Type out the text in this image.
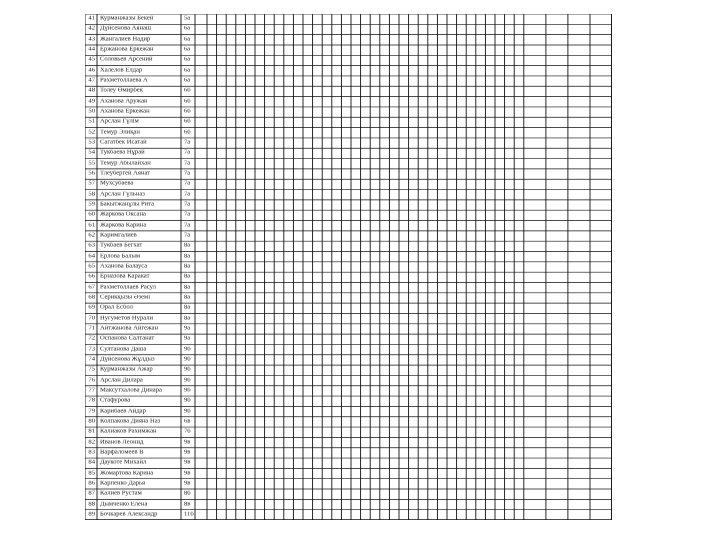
41 Курманжазы Бекей	5а
42 Дүйсенова Аянаш	6а
43 Жангалиев Надир	6а
44 Ержанова Еркежан	6а
45 Соловьев Арсений	6а
46 Халелов Елдар	6а
47 Рахметоллаева А	6а
48 Толеу Өмирбек	6б
49 Аханова Аружан	6б
50 Аханова Еркежан	6б
51 Арслан Гүлім	6б
52 Темур Элиқан	6б
53 Сагатбек Исатай	7а
54 Тукбаева Нұрай	7а
55 Темур Абылайхан	7а
56 Тлеубергей Аянат	7а
57 Мухсубаева	7а
58 Арслан Гүльназ	7а
59 Бакытжанұлы Рита	7а
60 Жаркова Оксана	7а
61 Жаркова Карина	7а
62 Каримгалиев	7а
63 Тукбаев Бегхат	8а
64 Ерлова Балым	8а
65 Аханова Балауса	8а
66 Ерназова Каракат	8а
67 Рахметоллаев Расул	8а
68 Серикқызы Әземі	8а
69 Орал Есбол	8а
70 Нугуметов Нурали	8а
71 Айтжанова Айгежан	9а
72 Оспанова Салтанат	9а
73 Султанова Даша	9б
74 Дүйсенова Жұлдыз	9б
75 Курманжазы Ажар	9б
76 Арслан Дилара	9б
77 Максутхалова Динара	9б
78 Стафурова	9б
79 Карибаев Айдар	9б
80 Колпакова Дияна Наз	6в
81 Калиаков Рахимжан	7б
82 Иванов Леонид	9в
83 Варфаломеев В	9в
84 Даукоте Михайл	9в
85 Жомартова Карина	9в
86 Карпенко Дарья	9в
87 Калиев Рустам	8б
88 Дымченко Елена	8в
89 Бочкарев Александр	11б
